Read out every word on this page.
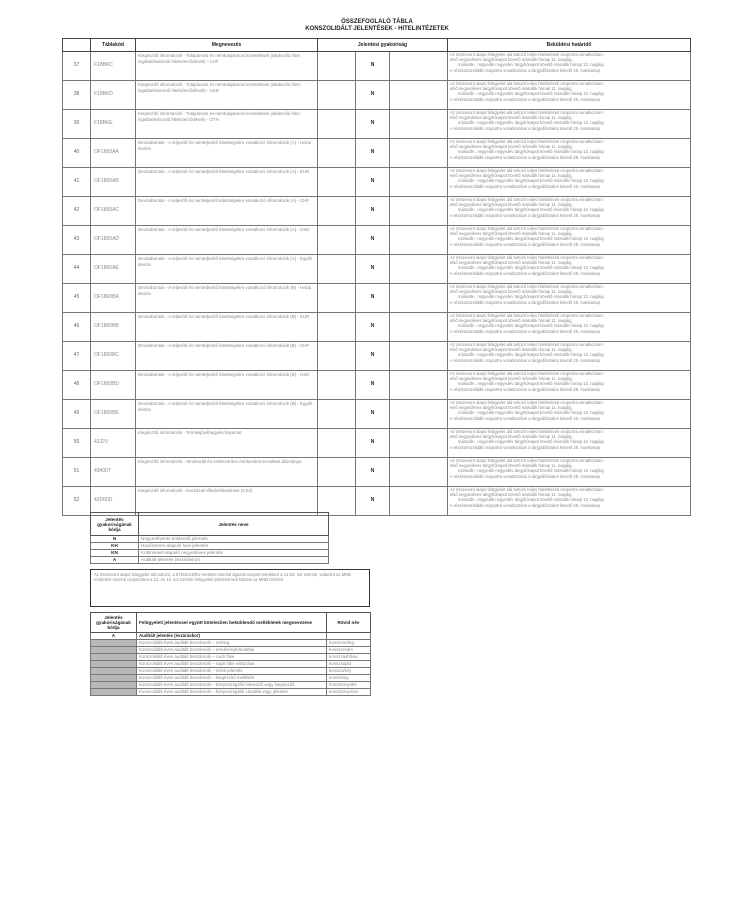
ÖSSZEFOGLALÓ TÁBLA
KONSZOLIDÁLT JELENTÉSEK - HITELINTÉZETEK
	Táblakód	Megnevezés	Jelentési gyakoriság			Beküldési határidő
37	F18BKC	Kiegészítő információk - Tulajdonosi és nemtulajdonosi követelések (lakáscélú hitel, ingatlanfedezetű hitelszerződések) - CHF		N		Az összevont alapú felügyelet alá tartozó teljes hitelintézeti csoportra vonatkozóan:
első negyedéves tárgyhónapot követő második hónap 11. napjáig,
második-, negyedik negyedév tárgyhónapot követő második hónap 12. napjáig
A részkonszolidált csoportra vonatkozóan a tárgyidőszakot követő 25. munkanap

38	F18BKD	Kiegészítő információk - Tulajdonosi és nemtulajdonosi követelések (lakáscélú hitel, ingatlanfedezetű hitelszerződések) - USD		N		Az összevont alapú felügyelet alá tartozó teljes hitelintézeti csoportra vonatkozóan:
első negyedéves tárgyhónapot követő második hónap 11. napjáig,
második-, negyedik negyedév tárgyhónapot követő második hónap 12. napjáig
A részkonszolidált csoportra vonatkozóan a tárgyidőszakot követő 25. munkanap

39	F18BKE	Kiegészítő információk - Tulajdonosi és nemtulajdonosi követelések (lakáscélú hitel, ingatlanfedezetű hitelszerződések) - OTH		N		Az összevont alapú felügyelet alá tartozó teljes hitelintézeti csoportra vonatkozóan:
első negyedéves tárgyhónapot követő második hónap 11. napjáig,
második-, negyedik negyedév tárgyhónapot követő második hónap 12. napjáig
A részkonszolidált csoportra vonatkozóan a tárgyidőszakot követő 25. munkanap

40	OF1800AA	Devizabontás - A teljesítő és nemteljesítő kitettségekre vonatkozó információk (A) - Hazai deviza		N		Az összevont alapú felügyelet alá tartozó teljes hitelintézeti csoportra vonatkozóan:
első negyedéves tárgyhónapot követő második hónap 11. napjáig,
második-, negyedik negyedév tárgyhónapot követő második hónap 12. napjáig
A részkonszolidált csoportra vonatkozóan a tárgyidőszakot követő 25. munkanap

41	OF1800AB	Devizabontás - A teljesítő és nemteljesítő kitettségekre vonatkozó információk (A) - EUR		N		Az összevont alapú felügyelet alá tartozó teljes hitelintézeti csoportra vonatkozóan:
első negyedéves tárgyhónapot követő második hónap 11. napjáig,
második-, negyedik negyedév tárgyhónapot követő második hónap 12. napjáig
A részkonszolidált csoportra vonatkozóan a tárgyidőszakot követő 25. munkanap

42	OF1800AC	Devizabontás - A teljesítő és nemteljesítő kitettségekre vonatkozó információk (A) - CHF		N		Az összevont alapú felügyelet alá tartozó teljes hitelintézeti csoportra vonatkozóan:
első negyedéves tárgyhónapot követő második hónap 11. napjáig,
második-, negyedik negyedév tárgyhónapot követő második hónap 12. napjáig
A részkonszolidált csoportra vonatkozóan a tárgyidőszakot követő 25. munkanap

43	OF1800AD	Devizabontás - A teljesítő és nemteljesítő kitettségekre vonatkozó információk (A) - USD		N		Az összevont alapú felügyelet alá tartozó teljes hitelintézeti csoportra vonatkozóan:
első negyedéves tárgyhónapot követő második hónap 11. napjáig,
második-, negyedik negyedév tárgyhónapot követő második hónap 12. napjáig
A részkonszolidált csoportra vonatkozóan a tárgyidőszakot követő 25. munkanap

44	OF1800AE	Devizabontás - A teljesítő és nemteljesítő kitettségekre vonatkozó információk (A) - Egyéb deviza		N		Az összevont alapú felügyelet alá tartozó teljes hitelintézeti csoportra vonatkozóan:
első negyedéves tárgyhónapot követő második hónap 11. napjáig,
második-, negyedik negyedév tárgyhónapot követő második hónap 12. napjáig
A részkonszolidált csoportra vonatkozóan a tárgyidőszakot követő 25. munkanap

45	OF1800BA	Devizabontás - A teljesítő és nemteljesítő kitettségekre vonatkozó információk (B) - Hazai deviza		N		Az összevont alapú felügyelet alá tartozó teljes hitelintézeti csoportra vonatkozóan:
első negyedéves tárgyhónapot követő második hónap 11. napjáig,
második-, negyedik negyedév tárgyhónapot követő második hónap 12. napjáig
A részkonszolidált csoportra vonatkozóan a tárgyidőszakot követő 25. munkanap

46	OF1800BB	Devizabontás - A teljesítő és nemteljesítő kitettségekre vonatkozó információk (B) - EUR		N		Az összevont alapú felügyelet alá tartozó teljes hitelintézeti csoportra vonatkozóan:
első negyedéves tárgyhónapot követő második hónap 11. napjáig,
második-, negyedik negyedév tárgyhónapot követő második hónap 12. napjáig
A részkonszolidált csoportra vonatkozóan a tárgyidőszakot követő 25. munkanap

47	OF1800BC	Devizabontás - A teljesítő és nemteljesítő kitettségekre vonatkozó információk (B) - CHF		N		Az összevont alapú felügyelet alá tartozó teljes hitelintézeti csoportra vonatkozóan:
első negyedéves tárgyhónapot követő második hónap 11. napjáig,
második-, negyedik negyedév tárgyhónapot követő második hónap 12. napjáig
A részkonszolidált csoportra vonatkozóan a tárgyidőszakot követő 25. munkanap

48	OF1800BD	Devizabontás - A teljesítő és nemteljesítő kitettségekre vonatkozó információk (B) - USD		N		Az összevont alapú felügyelet alá tartozó teljes hitelintézeti csoportra vonatkozóan:
első negyedéves tárgyhónapot követő második hónap 11. napjáig,
második-, negyedik negyedév tárgyhónapot követő második hónap 12. napjáig
A részkonszolidált csoportra vonatkozóan a tárgyidőszakot követő 25. munkanap

49	OF1800BE	Devizabontás - A teljesítő és nemteljesítő kitettségekre vonatkozó információk (B) - Egyéb deviza		N		Az összevont alapú felügyelet alá tartozó teljes hitelintézeti csoportra vonatkozóan:
első negyedéves tárgyhónapot követő második hónap 11. napjáig,
második-, negyedik negyedév tárgyhónapot követő második hónap 12. napjáig
A részkonszolidált csoportra vonatkozóan a tárgyidőszakot követő 25. munkanap

50	43J2V	Kiegészítő információk - Termékjóváhagyási folyamat		N		Az összevont alapú felügyelet alá tartozó teljes hitelintézeti csoportra vonatkozóan:
első negyedéves tárgyhónapot követő második hónap 11. napjáig,
második-, negyedik negyedév tárgyhónapot követő második hónap 12. napjáig
A részkonszolidált csoportra vonatkozóan a tárgyidőszakot követő 25. munkanap

51	43400T	Kiegészítő információk - Strukturált és üzletszerűen értékesített termékek állománya		N		Az összevont alapú felügyelet alá tartozó teljes hitelintézeti csoportra vonatkozóan:
első negyedéves tárgyhónapot követő második hónap 11. napjáig,
második-, negyedik negyedév tárgyhónapot követő második hónap 12. napjáig
A részkonszolidált csoportra vonatkozóan a tárgyidőszakot követő 25. munkanap

52	42D00D	Kiegészítő információk - Kockázati tőkebefektetések (CX3)		N		Az összevont alapú felügyelet alá tartozó teljes hitelintézeti csoportra vonatkozóan:
első negyedéves tárgyhónapot követő második hónap 11. napjáig,
második-, negyedik negyedév tárgyhónapot követő második hónap 12. napjáig
A részkonszolidált csoportra vonatkozóan a tárgyidőszakot követő 25. munkanap
Jelentés gyakoriságának kódja	Jelentés neve
N	Negyedévente küldendő jelentés
KH	Havi/szeren alapuló havi jelentés
KN	Külön/eseti alapuló negyedéves jelentés
A	Auditált jelentés (évzáráskor)
Az összevont alapú felügyelet alá tartozó, a 575/2013/EU rendelet szerinti ágazati csoport esetében a 14-82. sor szerinti, valamint az MNB rendelete szerinti csoportokra a 12. és 13. sor szerinti felügyeleti jelentést kell küldeni az MNB részére.
Jelentés gyakoriságának kódja	Felügyeleti jelentéssel együtt kötelezően beküldendő mellékletek megnevezése	Rövid név
A	Auditált jelentés (évzáráskor)	
	Konszolidált éves auditált beszámoló – mérleg	konszmerleg
	Konszolidált éves auditált beszámoló – eredménykimutatás	konszeredm
	Konszolidált éves auditált beszámoló – cash flow	konszcashflow
	Konszolidált éves auditált beszámoló – saját tőke változása	konszsajatt
	Konszolidált éves auditált beszámoló – üzleti jelentés	konszuzletj
	Konszolidált éves auditált beszámoló – kiegészítő melléklet	konszkieg
	Konszolidált éves auditált beszámoló – könyvvizsgálói hitelesítő vagy kiegészítő	konszkonyvhit
	Konszolidált éves auditált beszámoló – könyvvizsgálói záradék vagy jelentés	konszkonyvzar
